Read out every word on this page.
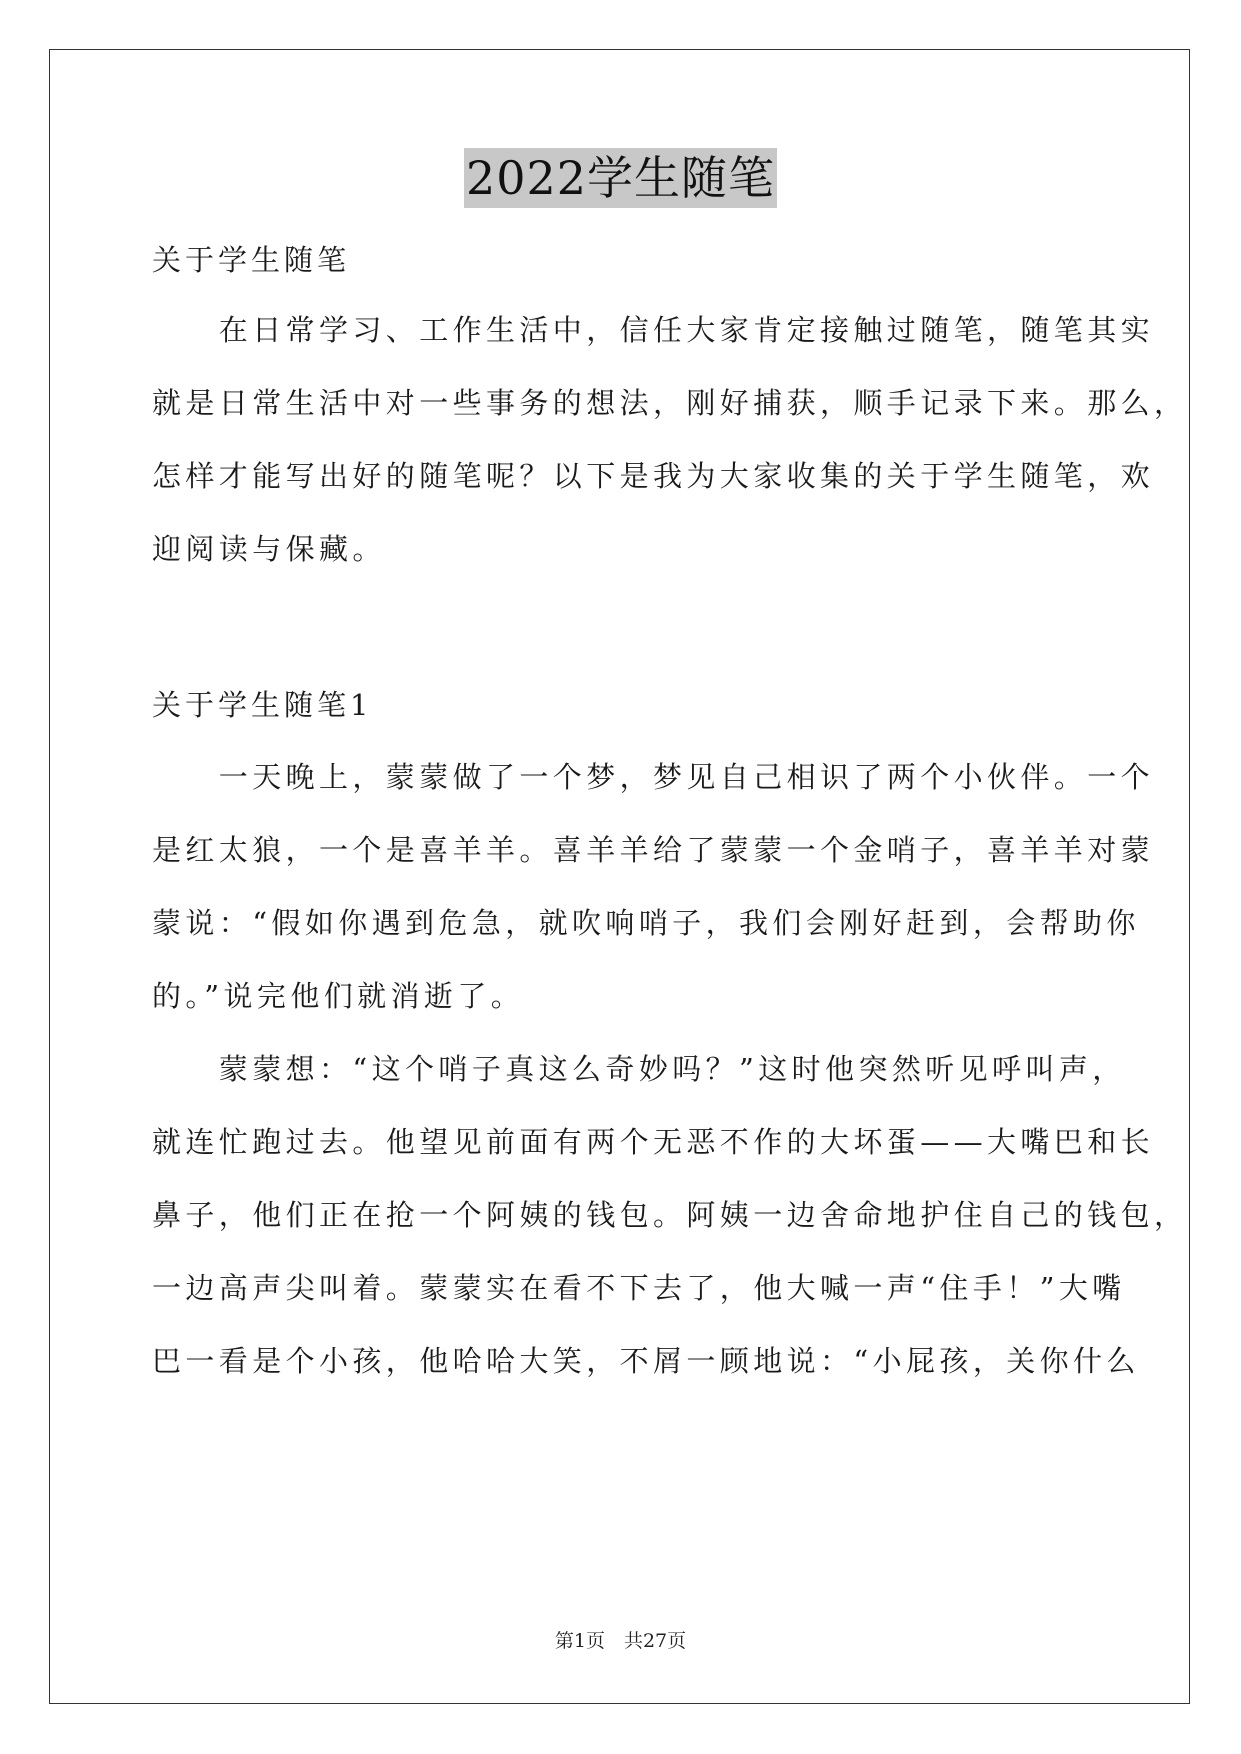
2022学生随笔
关于学生随笔
　　在日常学习、工作生活中，信任大家肯定接触过随笔，随笔其实
就是日常生活中对一些事务的想法，刚好捕获，顺手记录下来。那么，
怎样才能写出好的随笔呢？以下是我为大家收集的关于学生随笔，欢
迎阅读与保藏。
关于学生随笔1
　　一天晚上，蒙蒙做了一个梦，梦见自己相识了两个小伙伴。一个
是红太狼，一个是喜羊羊。喜羊羊给了蒙蒙一个金哨子，喜羊羊对蒙
蒙说：“假如你遇到危急，就吹响哨子，我们会刚好赶到，会帮助你
的。”说完他们就消逝了。
　　蒙蒙想：“这个哨子真这么奇妙吗？”这时他突然听见呼叫声，
就连忙跑过去。他望见前面有两个无恶不作的大坏蛋——大嘴巴和长
鼻子，他们正在抢一个阿姨的钱包。阿姨一边舍命地护住自己的钱包，
一边高声尖叫着。蒙蒙实在看不下去了，他大喊一声“住手！”大嘴
巴一看是个小孩，他哈哈大笑，不屑一顾地说：“小屁孩，关你什么
第1页　共27页
